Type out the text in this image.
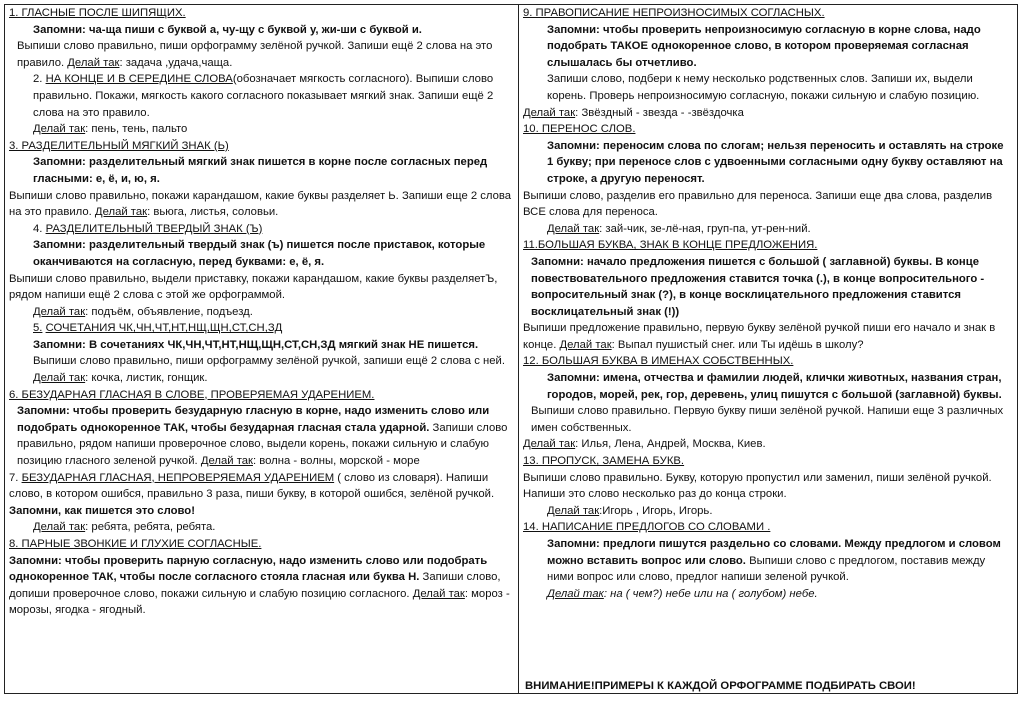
1. ГЛАСНЫЕ ПОСЛЕ ШИПЯЩИХ.

Запомни: ча-ща пиши с буквой а, чу-щу с буквой у, жи-ши с буквой и.

Выпиши слово правильно, пиши орфограмму зелёной ручкой. Запиши ещё 2 слова на это правило. Делай так: задача ,удача,чаща.

2. НА КОНЦЕ И В СЕРЕДИНЕ СЛОВА(обозначает мягкость согласного). Выпиши слово правильно. Покажи, мягкость какого согласного показывает мягкий знак. Запиши ещё 2 слова на это правило.

Делай так: пень, тень, пальто

3. РАЗДЕЛИТЕЛЬНЫЙ МЯГКИЙ ЗНАК (Ь)

Запомни: разделительный мягкий знак пишется в корне после согласных перед гласными: е, ё, и, ю, я.

Выпиши слово правильно, покажи карандашом, какие буквы разделяет Ь. Запиши еще 2 слова на это правило. Делай так: вьюга, листья, соловьи.

4. РАЗДЕЛИТЕЛЬНЫЙ ТВЕРДЫЙ ЗНАК (Ъ)

Запомни: разделительный твердый знак (ъ) пишется после приставок, которые оканчиваются на согласную, перед буквами: е, ё, я.

Выпиши слово правильно, выдели приставку, покажи карандашом, какие буквы разделяетЪ, рядом напиши ещё 2 слова с этой же орфограммой.

Делай так: подъём, объявление, подъезд.

5. СОЧЕТАНИЯ ЧК,ЧН,ЧТ,НТ,НЩ,ЩН,СТ,СН,ЗД

Запомни: В сочетаниях ЧК,ЧН,ЧТ,НТ,НЩ,ЩН,СТ,СН,ЗД мягкий знак НЕ пишется.

Выпиши слово правильно, пиши орфограмму зелёной ручкой, запиши ещё 2 слова с ней.

Делай так: кочка, листик, гонщик.

6. БЕЗУДАРНАЯ ГЛАСНАЯ В СЛОВЕ, ПРОВЕРЯЕМАЯ УДАРЕНИЕМ.

Запомни: чтобы проверить безударную гласную в корне, надо изменить слово или подобрать однокоренное ТАК, чтобы безударная гласная стала ударной. Запиши слово правильно, рядом напиши проверочное слово, выдели корень, покажи сильную и слабую позицию гласного зеленой ручкой. Делай так: волна - волны, морской - море

7. БЕЗУДАРНАЯ ГЛАСНАЯ, НЕПРОВЕРЯЕМАЯ УДАРЕНИЕМ ( слово из словаря). Напиши слово, в котором ошибся, правильно 3 раза, пиши букву, в которой ошибся, зелёной ручкой.

Запомни, как пишется это слово!

Делай так: ребята, ребята, ребята.

8. ПАРНЫЕ ЗВОНКИЕ И ГЛУХИЕ СОГЛАСНЫЕ.

Запомни: чтобы проверить парную согласную, надо изменить слово или подобрать однокоренное ТАК, чтобы после согласного стояла гласная или буква Н. Запиши слово, допиши проверочное слово, покажи сильную и слабую позицию согласного. Делай так: мороз - морозы, ягодка - ягодный.

9. ПРАВОПИСАНИЕ НЕПРОИЗНОСИМЫХ СОГЛАСНЫХ.

Запомни: чтобы проверить непроизносимую согласную в корне слова, надо подобрать ТАКОЕ однокоренное слово, в котором проверяемая согласная слышалась бы отчетливо.

Запиши слово, подбери к нему несколько родственных слов. Запиши их, выдели корень. Проверь непроизносимую согласную, покажи сильную и слабую позицию.

Делай так: Звёздный - звезда - -звёздочка

10. ПЕРЕНОС СЛОВ.

Запомни: переносим слова по слогам; нельзя переносить и оставлять на строке 1 букву; при переносе слов с удвоенными согласными одну букву оставляют на строке, а другую переносят.

Выпиши слово, разделив его правильно для переноса. Запиши еще два слова, разделив ВСЕ слова для переноса.

Делай так: зай-чик, зе-лё-ная, груп-па, ут-рен-ний.

11.БОЛЬШАЯ БУКВА, ЗНАК В КОНЦЕ ПРЕДЛОЖЕНИЯ.

Запомни: начало предложения пишется с большой ( заглавной) буквы. В конце повествовательного предложения ставится точка (.), в конце вопросительного - вопросительный знак (?), в конце восклицательного предложения ставится восклицательный знак (!))

Выпиши предложение правильно, первую букву зелёной ручкой пиши его начало и знак в конце. Делай так: Выпал пушистый снег. или Ты идёшь в школу?

12. БОЛЬШАЯ БУКВА В ИМЕНАХ СОБСТВЕННЫХ.

Запомни: имена, отчества и фамилии людей, клички животных, названия стран, городов, морей, рек, гор, деревень, улиц пишутся с большой (заглавной) буквы.

Выпиши слово правильно. Первую букву пиши зелёной ручкой. Напиши еще 3 различных имен собственных.

Делай так: Илья, Лена, Андрей, Москва, Киев.

13. ПРОПУСК, ЗАМЕНА БУКВ.

Выпиши слово правильно. Букву, которую пропустил или заменил, пиши зелёной ручкой. Напиши это слово несколько раз до конца строки.

Делай так:Игорь , Игорь, Игорь.

14. НАПИСАНИЕ ПРЕДЛОГОВ СО СЛОВАМИ .

Запомни: предлоги пишутся раздельно со словами. Между предлогом и словом можно вставить вопрос или слово. Выпиши слово с предлогом, поставив между ними вопрос или слово, предлог напиши зеленой ручкой.

Делай так: на ( чем?) небе или на ( голубом) небе.

ВНИМАНИЕ!ПРИМЕРЫ К КАЖДОЙ ОРФОГРАММЕ ПОДБИРАТЬ СВОИ!
